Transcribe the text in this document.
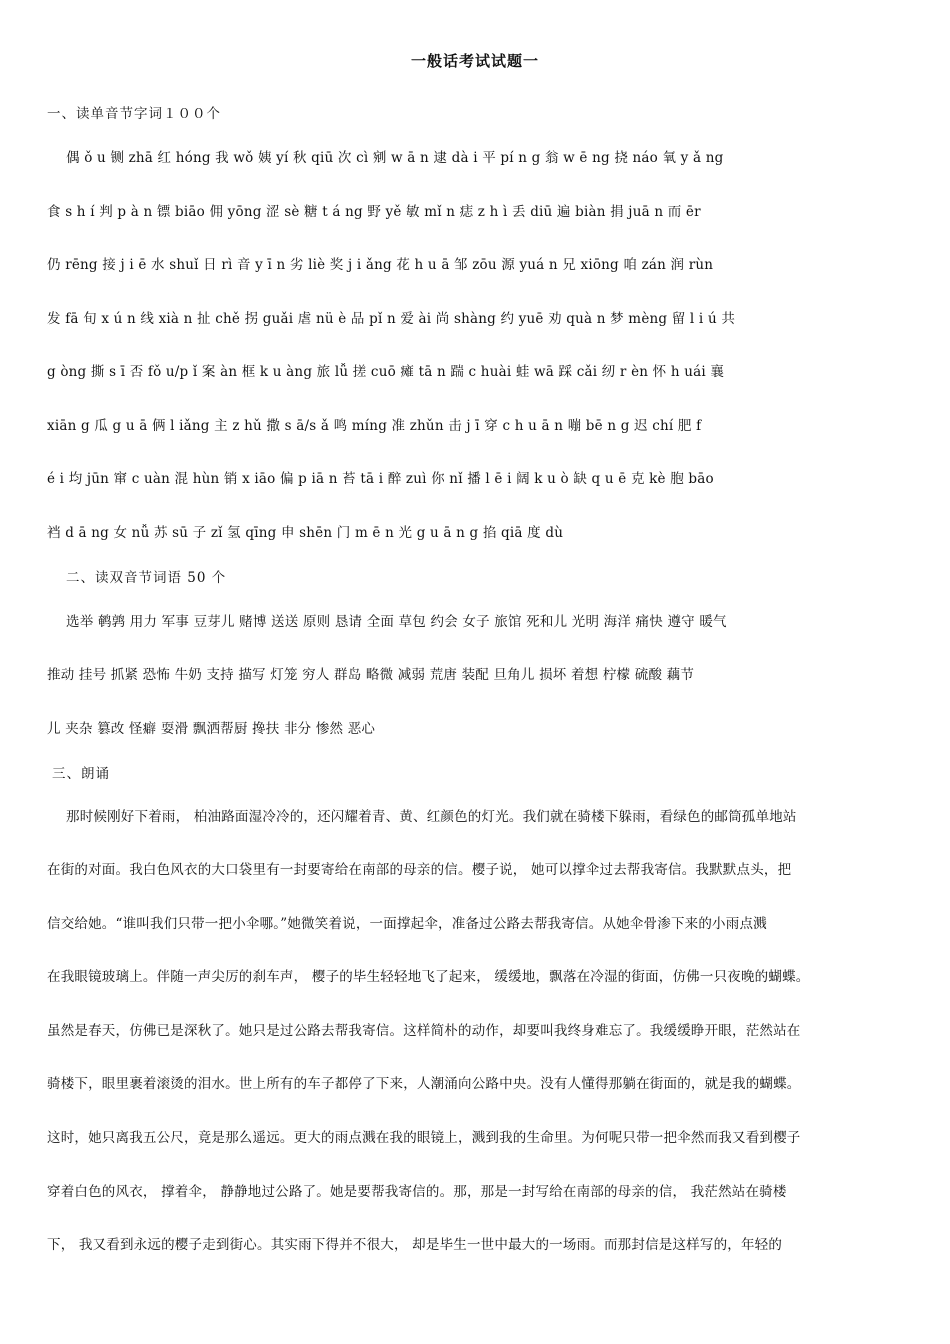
一般话考试试题一
一、读单音节字词１００个
偶 ǒ u 铡 zhā 红 hóng 我 wǒ 姨 yí 秋 qiū 次 cì 剜 w ā n 逮 dà i 平 pí n g 翁 w ē ng 挠 náo 氧 y ǎ ng
食 s h í 判 p à n 镖 biāo 佣 yōng 涩 sè 糖 t á ng 野 yě 敏 mǐ n 痣 z h ì 丢 diū 遍 biàn 捐 juā n 而 ēr
仍 rēng 接 j i ē 水 shuǐ 日 rì 音 y ī n 劣 liè 奖 j i ǎng 花 h u ā 邹 zōu 源 yuá n 兄 xiōng 咱 zán 润 rùn
发 fā 旬 x ú n 线 xià n 扯 chě 拐 guǎi 虐 nü è 品 pǐ n 爱 ài 尚 shàng 约 yuē 劝 quà n 梦 mèng 留 l i ú 共
g òng 撕 s ī 否 fǒ u/p ǐ 案 àn 框 k u àng 旅 lǚ 搓 cuō 瘫 tā n 踹 c huài 蛙 wā 踩 cǎi 纫 r èn 怀 h uái 襄
xiān g 瓜 g u ā 俩 l iǎng 主 z hǔ 撒 s ā/s ǎ 鸣 míng 准 zhǔn 击 j ī 穿 c h u ā n 嘣 bē n g 迟 chí 肥 f
é i 均 jūn 窜 c uàn 混 hùn 销 x iāo 偏 p iā n 苔 tā i 醉 zuì 你 nǐ 播 l ē i 阔 k u ò 缺 q u ē 克 kè 胞 bāo
裆 d ā ng 女 nǚ 苏 sū 子 zǐ 氢 qīng 申 shēn 门 m ē n 光 g u ā n g 掐 qiā 度 dù
二、读双音节词语 50 个
选举 鹌鹑 用力 军事 豆芽儿 赌博 送送 原则 恳请 全面 草包 约会 女子 旅馆 死和儿 光明 海洋 痛快 遵守 暖气
推动 挂号 抓紧 恐怖 牛奶 支持 描写 灯笼 穷人 群岛 略微 减弱 荒唐 装配 旦角儿 损坏 着想 柠檬 硫酸 藕节
儿 夹杂 篡改 怪癖 耍滑 飘洒帮厨 搀扶 非分 惨然 恶心
三、朗诵
那时候刚好下着雨， 柏油路面湿冷冷的，还闪耀着青、黄、红颜色的灯光。我们就在骑楼下躲雨，看绿色的邮筒孤单地站
在街的对面。我白色风衣的大口袋里有一封要寄给在南部的母亲的信。樱子说， 她可以撑伞过去帮我寄信。我默默点头，把
信交给她。“谁叫我们只带一把小伞哪。”她微笑着说，一面撑起伞，准备过公路去帮我寄信。从她伞骨渗下来的小雨点溅
在我眼镜玻璃上。伴随一声尖厉的刹车声， 樱子的毕生轻轻地飞了起来， 缓缓地，飘落在冷湿的街面，仿佛一只夜晚的蝴蝶。
虽然是春天，仿佛已是深秋了。她只是过公路去帮我寄信。这样简朴的动作，却要叫我终身难忘了。我缓缓睁开眼，茫然站在
骑楼下，眼里裹着滚烫的泪水。世上所有的车子都停了下来，人潮涌向公路中央。没有人懂得那躺在街面的，就是我的蝴蝶。
这时，她只离我五公尺，竟是那么遥远。更大的雨点溅在我的眼镜上，溅到我的生命里。为何呢只带一把伞然而我又看到樱子
穿着白色的风衣， 撑着伞， 静静地过公路了。她是要帮我寄信的。那，那是一封写给在南部的母亲的信， 我茫然站在骑楼
下， 我又看到永远的樱子走到街心。其实雨下得并不很大， 却是毕生一世中最大的一场雨。而那封信是这样写的，年轻的
